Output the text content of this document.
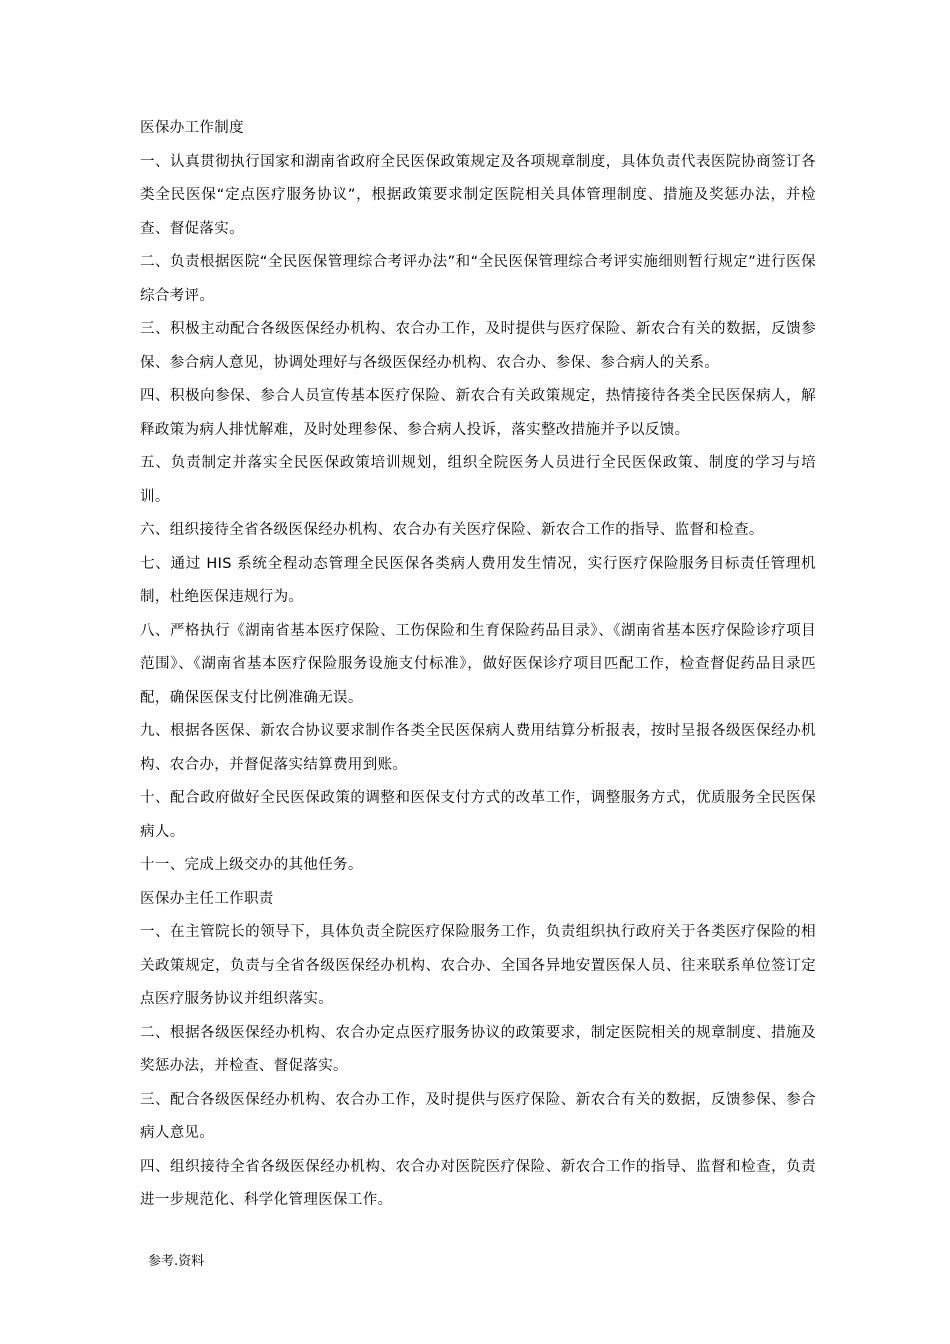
医保办工作制度

一、认真贯彻执行国家和湖南省政府全民医保政策规定及各项规章制度，具体负责代表医院协商签订各类全民医保“定点医疗服务协议”，根据政策要求制定医院相关具体管理制度、措施及奖惩办法，并检查、督促落实。

二、负责根据医院“全民医保管理综合考评办法”和“全民医保管理综合考评实施细则暂行规定”进行医保综合考评。

三、积极主动配合各级医保经办机构、农合办工作，及时提供与医疗保险、新农合有关的数据，反馈参保、参合病人意见，协调处理好与各级医保经办机构、农合办、参保、参合病人的关系。

四、积极向参保、参合人员宣传基本医疗保险、新农合有关政策规定，热情接待各类全民医保病人，解释政策为病人排忧解难，及时处理参保、参合病人投诉，落实整改措施并予以反馈。

五、负责制定并落实全民医保政策培训规划，组织全院医务人员进行全民医保政策、制度的学习与培训。

六、组织接待全省各级医保经办机构、农合办有关医疗保险、新农合工作的指导、监督和检查。

七、通过 HIS 系统全程动态管理全民医保各类病人费用发生情况，实行医疗保险服务目标责任管理机制，杜绝医保违规行为。

八、严格执行《湖南省基本医疗保险、工伤保险和生育保险药品目录》、《湖南省基本医疗保险诊疗项目范围》、《湖南省基本医疗保险服务设施支付标准》，做好医保诊疗项目匹配工作，检查督促药品目录匹配，确保医保支付比例准确无误。

九、根据各医保、新农合协议要求制作各类全民医保病人费用结算分析报表，按时呈报各级医保经办机构、农合办，并督促落实结算费用到账。

十、配合政府做好全民医保政策的调整和医保支付方式的改革工作，调整服务方式，优质服务全民医保病人。

十一、完成上级交办的其他任务。

医保办主任工作职责

一、在主管院长的领导下，具体负责全院医疗保险服务工作，负责组织执行政府关于各类医疗保险的相关政策规定，负责与全省各级医保经办机构、农合办、全国各异地安置医保人员、往来联系单位签订定点医疗服务协议并组织落实。

二、根据各级医保经办机构、农合办定点医疗服务协议的政策要求，制定医院相关的规章制度、措施及奖惩办法，并检查、督促落实。

三、配合各级医保经办机构、农合办工作，及时提供与医疗保险、新农合有关的数据，反馈参保、参合病人意见。

四、组织接待全省各级医保经办机构、农合办对医院医疗保险、新农合工作的指导、监督和检查，负责进一步规范化、科学化管理医保工作。

参考.资料
